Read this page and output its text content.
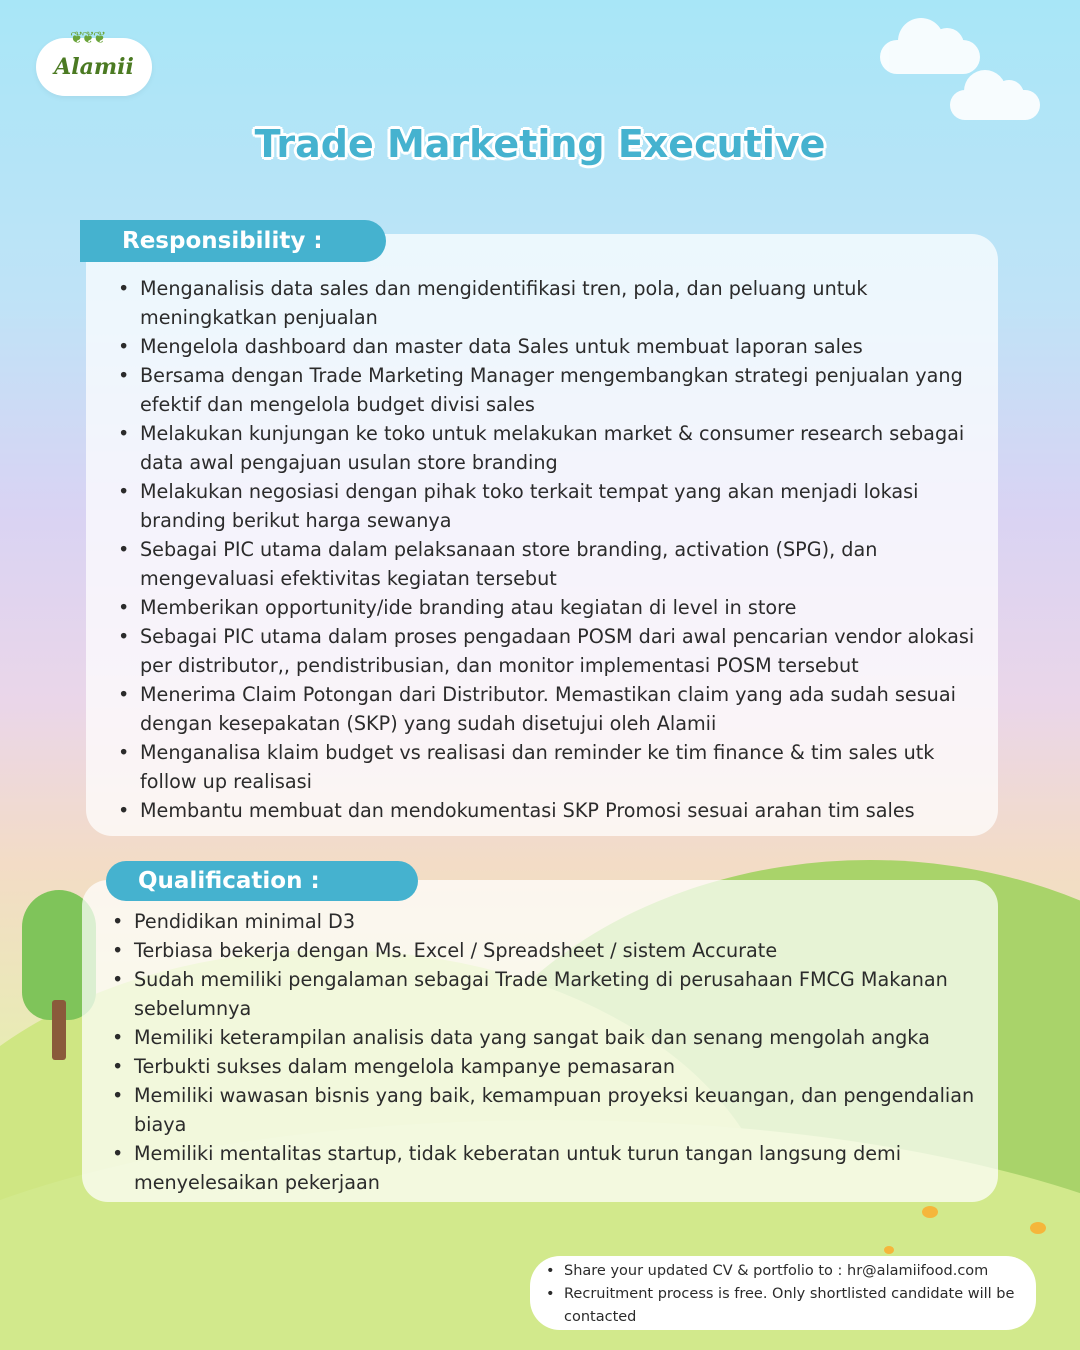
❦❦❦
Alamii
Trade Marketing Executive
Responsibility :
• Menganalisis data sales dan mengidentifikasi tren, pola, dan peluang untuk meningkatkan penjualan
• Mengelola dashboard dan master data Sales untuk membuat laporan sales
• Bersama dengan Trade Marketing Manager mengembangkan strategi penjualan yang efektif dan mengelola budget divisi sales
• Melakukan kunjungan ke toko untuk melakukan market & consumer research sebagai data awal pengajuan usulan store branding
• Melakukan negosiasi dengan pihak toko terkait tempat yang akan menjadi lokasi branding berikut harga sewanya
• Sebagai PIC utama dalam pelaksanaan store branding, activation (SPG), dan mengevaluasi efektivitas kegiatan tersebut
• Memberikan opportunity/ide branding atau kegiatan di level in store
• Sebagai PIC utama dalam proses pengadaan POSM dari awal pencarian vendor alokasi per distributor,, pendistribusian, dan monitor implementasi POSM tersebut
• Menerima Claim Potongan dari Distributor. Memastikan claim yang ada sudah sesuai dengan kesepakatan (SKP) yang sudah disetujui oleh Alamii
• Menganalisa klaim budget vs realisasi dan reminder ke tim finance & tim sales utk follow up realisasi
• Membantu membuat dan mendokumentasi SKP Promosi sesuai arahan tim sales
Qualification :
• Pendidikan minimal D3
• Terbiasa bekerja dengan Ms. Excel / Spreadsheet / sistem Accurate
• Sudah memiliki pengalaman sebagai Trade Marketing di perusahaan FMCG Makanan sebelumnya
• Memiliki keterampilan analisis data yang sangat baik dan senang mengolah angka
• Terbukti sukses dalam mengelola kampanye pemasaran
• Memiliki wawasan bisnis yang baik, kemampuan proyeksi keuangan, dan pengendalian biaya
• Memiliki mentalitas startup, tidak keberatan untuk turun tangan langsung demi menyelesaikan pekerjaan
• Share your updated CV & portfolio to : hr@alamiifood.com
• Recruitment process is free. Only shortlisted candidate will be contacted
